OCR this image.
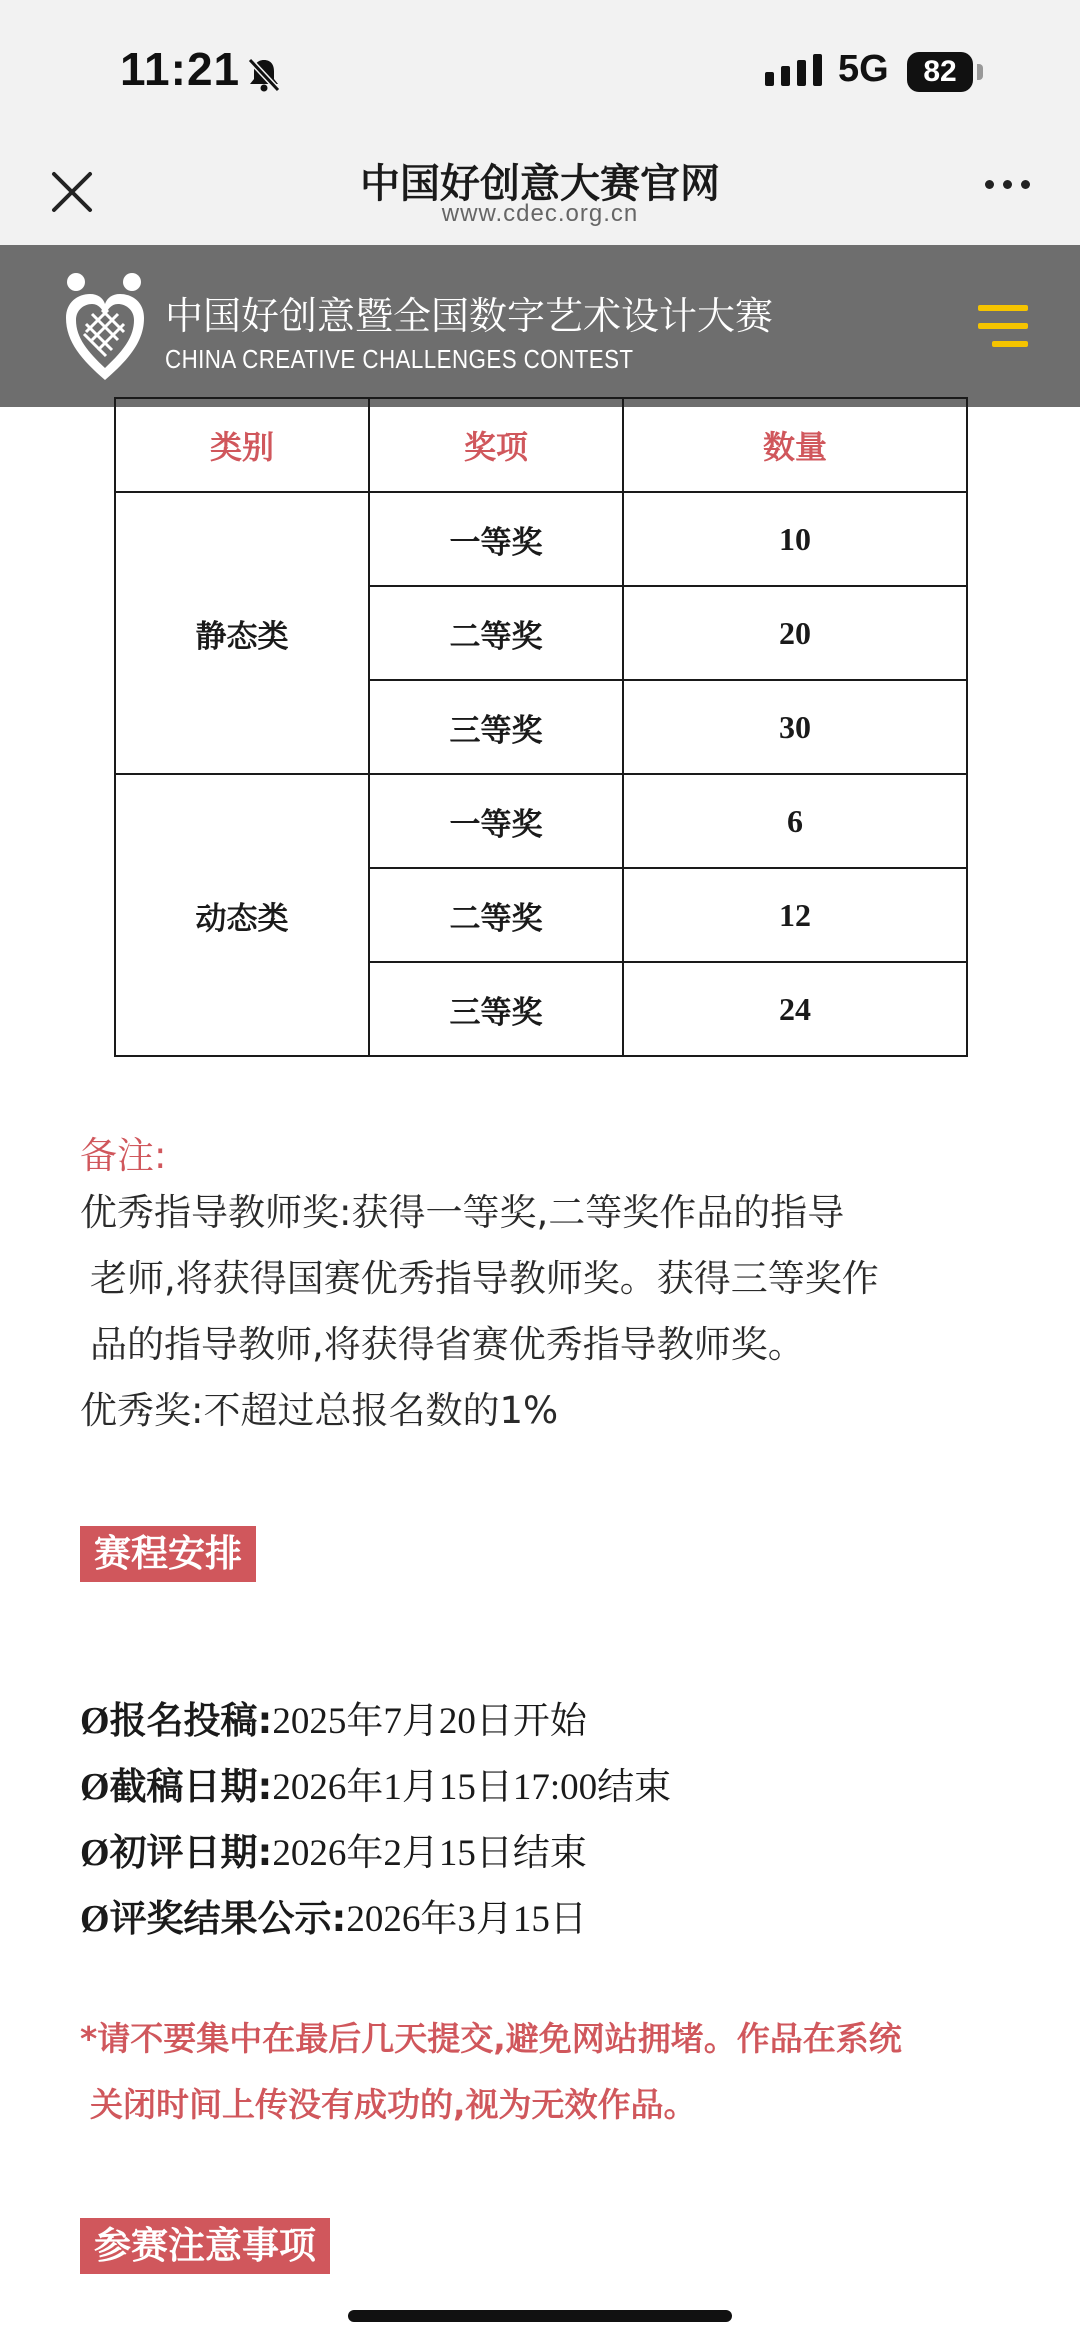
11:21	5G	82
中国好创意大赛官网
www.cdec.org.cn
中国好创意暨全国数字艺术设计大赛
CHINA CREATIVE CHALLENGES CONTEST
类别	奖项	数量
静态类	一等奖	10
	二等奖	20
	三等奖	30
动态类	一等奖	6
	二等奖	12
	三等奖	24
备注:
优秀指导教师奖:获得一等奖,二等奖作品的指导
老师,将获得国赛优秀指导教师奖。获得三等奖作
品的指导教师,将获得省赛优秀指导教师奖。
优秀奖:不超过总报名数的1%
赛程安排
Ø报名投稿:2025年7月20日开始
Ø截稿日期:2026年1月15日17:00结束
Ø初评日期:2026年2月15日结束
Ø评奖结果公示:2026年3月15日
*请不要集中在最后几天提交,避免网站拥堵。作品在系统
关闭时间上传没有成功的,视为无效作品。
参赛注意事项
